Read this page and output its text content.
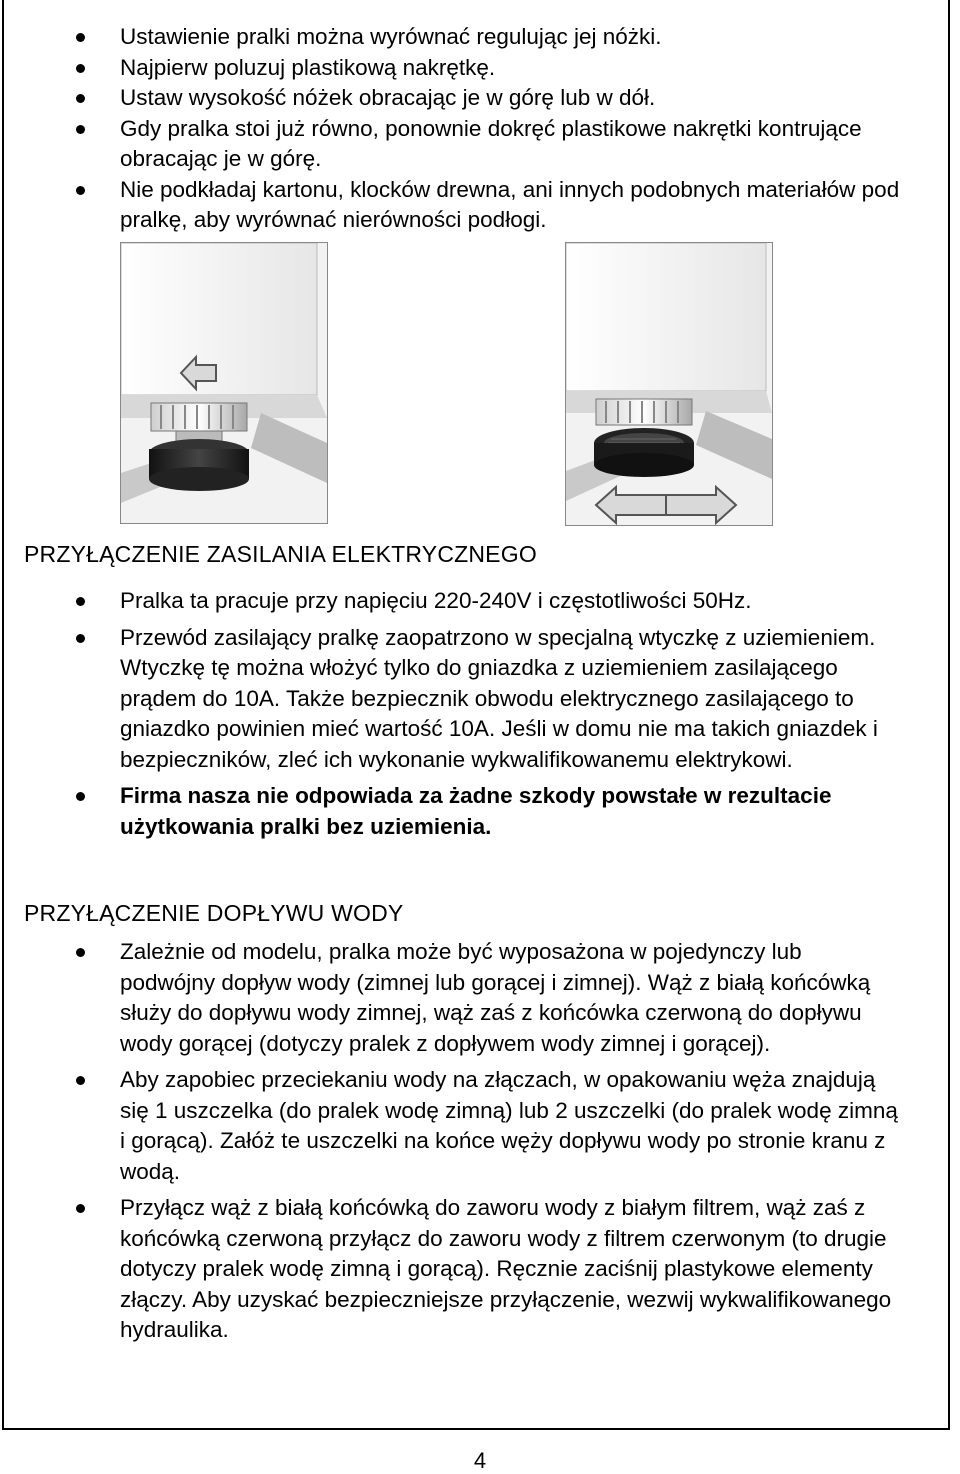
Ustawienie pralki można wyrównać regulując jej nóżki.
Najpierw poluzuj plastikową nakrętkę.
Ustaw wysokość nóżek obracając je w górę lub w dół.
Gdy pralka stoi już równo, ponownie dokręć plastikowe nakrętki kontrujące obracając je w górę.
Nie podkładaj kartonu, klocków drewna, ani innych podobnych materiałów pod pralkę, aby wyrównać nierówności podłogi.
PRZYŁĄCZENIE ZASILANIA ELEKTRYCZNEGO
Pralka ta pracuje przy napięciu 220-240V i częstotliwości 50Hz.
Przewód zasilający pralkę zaopatrzono w specjalną wtyczkę z uziemieniem. Wtyczkę tę można włożyć tylko do gniazdka z uziemieniem zasilającego prądem do 10A. Także bezpiecznik obwodu elektrycznego zasilającego to gniazdko powinien mieć wartość 10A. Jeśli w domu nie ma takich gniazdek i bezpieczników, zleć ich wykonanie wykwalifikowanemu elektrykowi.
Firma nasza nie odpowiada za żadne szkody powstałe w rezultacie użytkowania pralki bez uziemienia.
PRZYŁĄCZENIE DOPŁYWU WODY
Zależnie od modelu, pralka może być wyposażona w pojedynczy lub podwójny dopływ wody (zimnej lub gorącej i zimnej). Wąż z białą końcówką służy do dopływu wody zimnej, wąż zaś z końcówka czerwoną do dopływu wody gorącej (dotyczy pralek z dopływem wody zimnej i gorącej).
Aby zapobiec przeciekaniu wody na złączach, w opakowaniu węża znajdują się 1 uszczelka (do pralek wodę zimną) lub 2 uszczelki (do pralek wodę zimną i gorącą). Załóż te uszczelki na końce węży dopływu wody po stronie kranu z wodą.
Przyłącz wąż z białą końcówką do zaworu wody z białym filtrem, wąż zaś z końcówką czerwoną przyłącz do zaworu wody z filtrem czerwonym (to drugie dotyczy pralek wodę zimną i gorącą). Ręcznie zaciśnij plastykowe elementy złączy. Aby uzyskać bezpieczniejsze przyłączenie, wezwij wykwalifikowanego hydraulika.
4
